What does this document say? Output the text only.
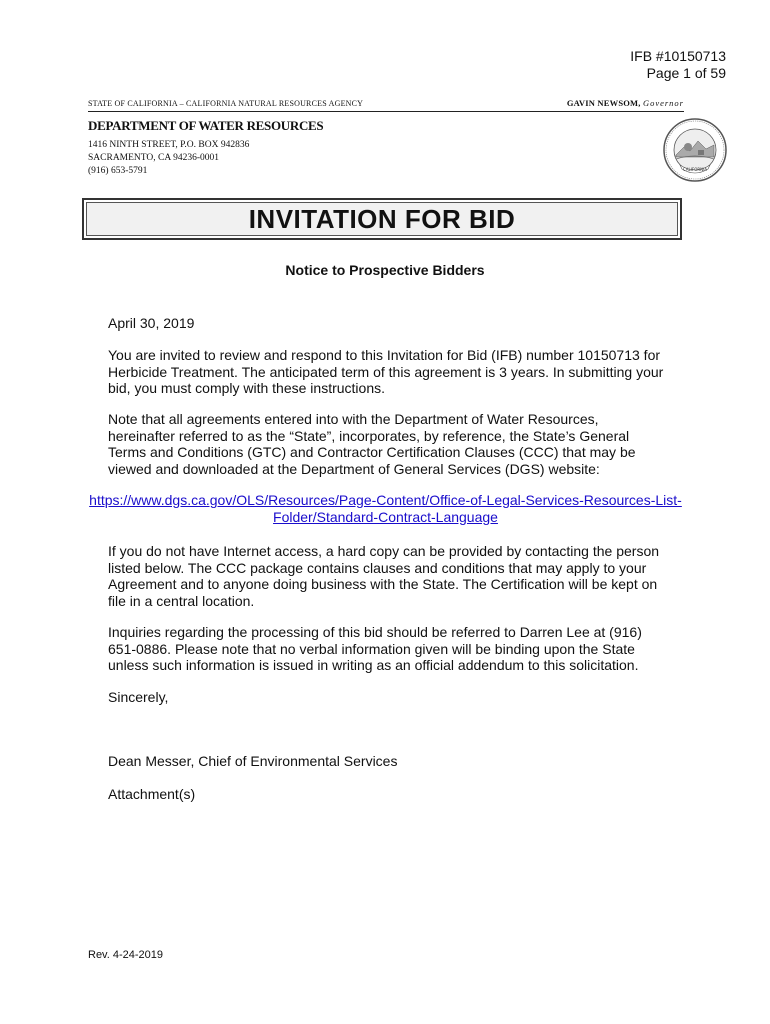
IFB #10150713
Page 1 of 59
STATE OF CALIFORNIA – CALIFORNIA NATURAL RESOURCES AGENCY	GAVIN NEWSOM, Governor
DEPARTMENT OF WATER RESOURCES
1416 NINTH STREET, P.O. BOX 942836
SACRAMENTO, CA 94236-0001
(916) 653-5791	CALIFORNIA
INVITATION FOR BID
Notice to Prospective Bidders
April 30, 2019

You are invited to review and respond to this Invitation for Bid (IFB) number 10150713 for Herbicide Treatment. The anticipated term of this agreement is 3 years. In submitting your bid, you must comply with these instructions.

Note that all agreements entered into with the Department of Water Resources, hereinafter referred to as the “State”, incorporates, by reference, the State’s General Terms and Conditions (GTC) and Contractor Certification Clauses (CCC) that may be viewed and downloaded at the Department of General Services (DGS) website:

https://www.dgs.ca.gov/OLS/Resources/Page-Content/Office-of-Legal-Services-Resources-List-
Folder/Standard-Contract-Language

If you do not have Internet access, a hard copy can be provided by contacting the person listed below. The CCC package contains clauses and conditions that may apply to your Agreement and to anyone doing business with the State. The Certification will be kept on file in a central location.

Inquiries regarding the processing of this bid should be referred to Darren Lee at (916) 651-0886. Please note that no verbal information given will be binding upon the State unless such information is issued in writing as an official addendum to this solicitation.

Sincerely,
Dean Messer, Chief of Environmental Services
Attachment(s)
Rev. 4-24-2019
